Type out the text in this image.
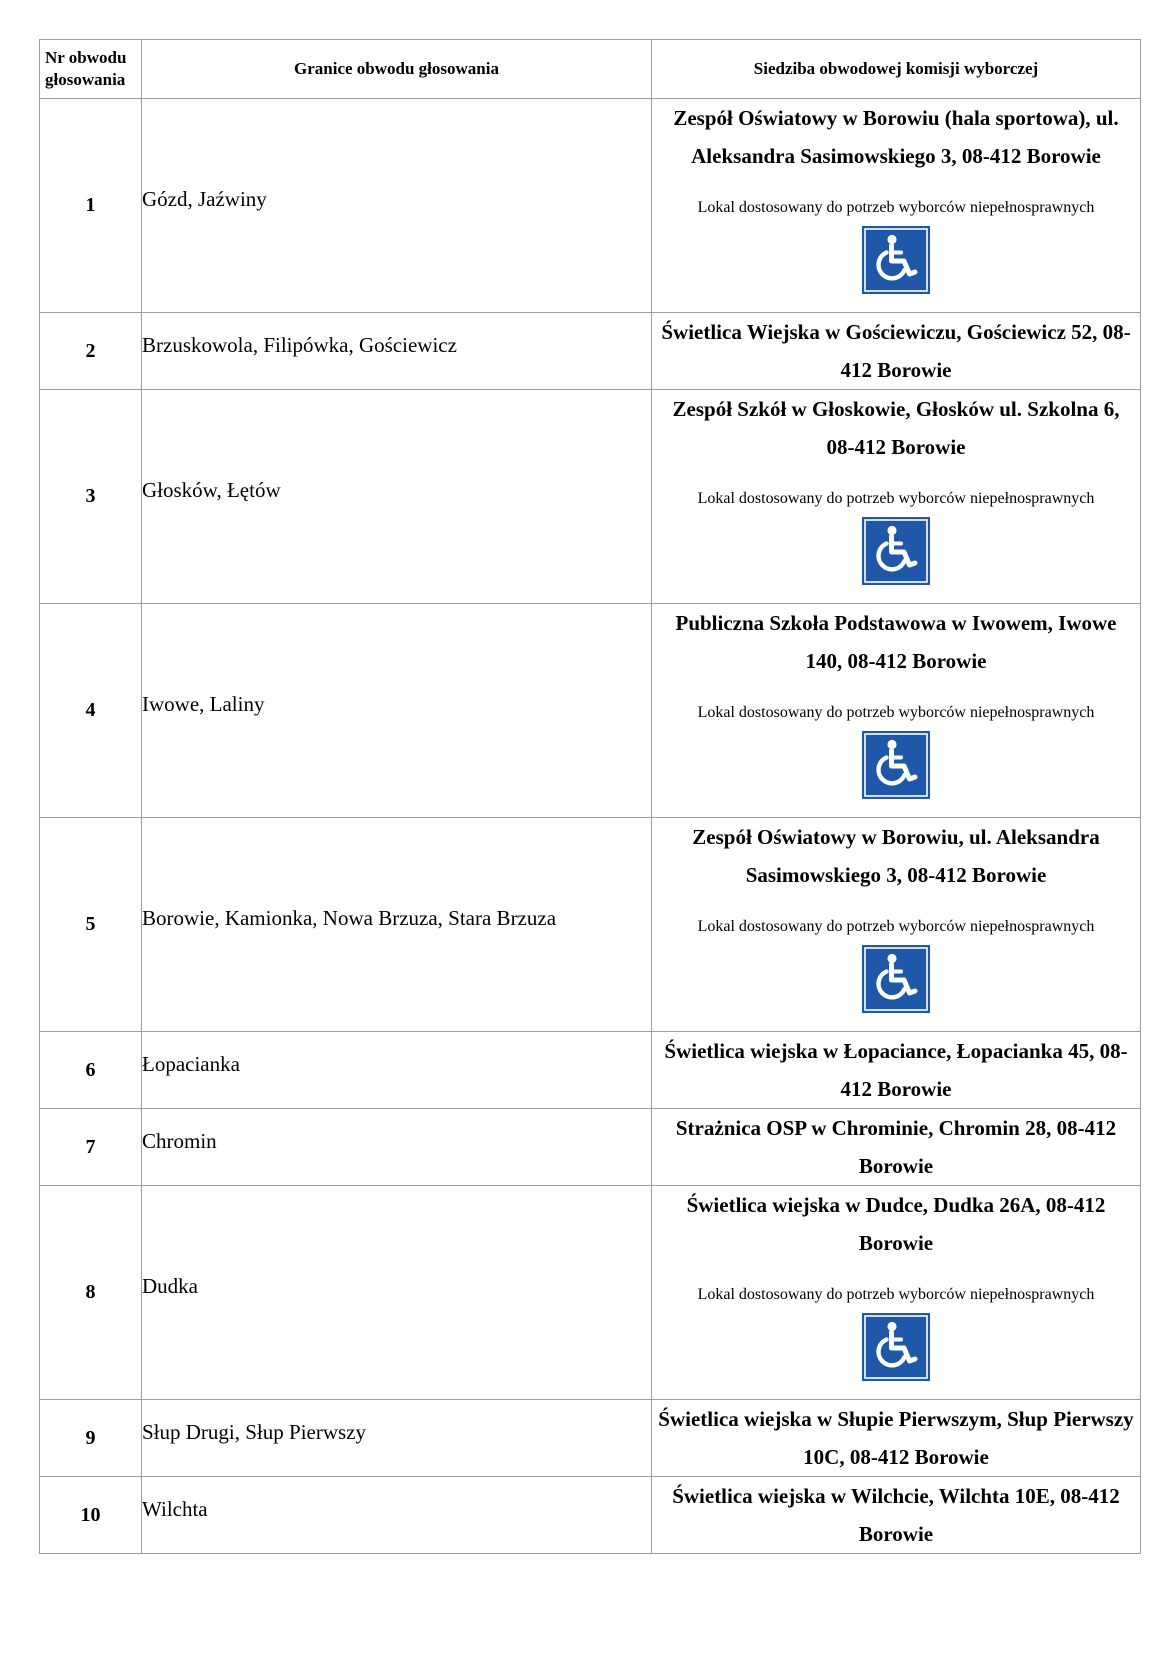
Nr obwodu głosowania	Granice obwodu głosowania	Siedziba obwodowej komisji wyborczej
1	Gózd, Jaźwiny	Zespół Oświatowy w Borowiu (hala sportowa), ul. Aleksandra Sasimowskiego 3, 08-412 Borowie
Lokal dostosowany do potrzeb wyborców niepełnosprawnych

2	Brzuskowola, Filipówka, Gościewicz	Świetlica Wiejska w Gościewiczu, Gościewicz 52, 08-412 Borowie

3	Głosków, Łętów	Zespół Szkół w Głoskowie, Głosków ul. Szkolna 6, 08-412 Borowie
Lokal dostosowany do potrzeb wyborców niepełnosprawnych

4	Iwowe, Laliny	Publiczna Szkoła Podstawowa w Iwowem, Iwowe 140, 08-412 Borowie
Lokal dostosowany do potrzeb wyborców niepełnosprawnych

5	Borowie, Kamionka, Nowa Brzuza, Stara Brzuza	Zespół Oświatowy w Borowiu, ul. Aleksandra Sasimowskiego 3, 08-412 Borowie
Lokal dostosowany do potrzeb wyborców niepełnosprawnych

6	Łopacianka	Świetlica wiejska w Łopaciance, Łopacianka 45, 08-412 Borowie

7	Chromin	Strażnica OSP w Chrominie, Chromin 28, 08-412 Borowie

8	Dudka	Świetlica wiejska w Dudce, Dudka 26A, 08-412 Borowie
Lokal dostosowany do potrzeb wyborców niepełnosprawnych

9	Słup Drugi, Słup Pierwszy	Świetlica wiejska w Słupie Pierwszym, Słup Pierwszy 10C, 08-412 Borowie

10	Wilchta	Świetlica wiejska w Wilchcie, Wilchta 10E, 08-412 Borowie
